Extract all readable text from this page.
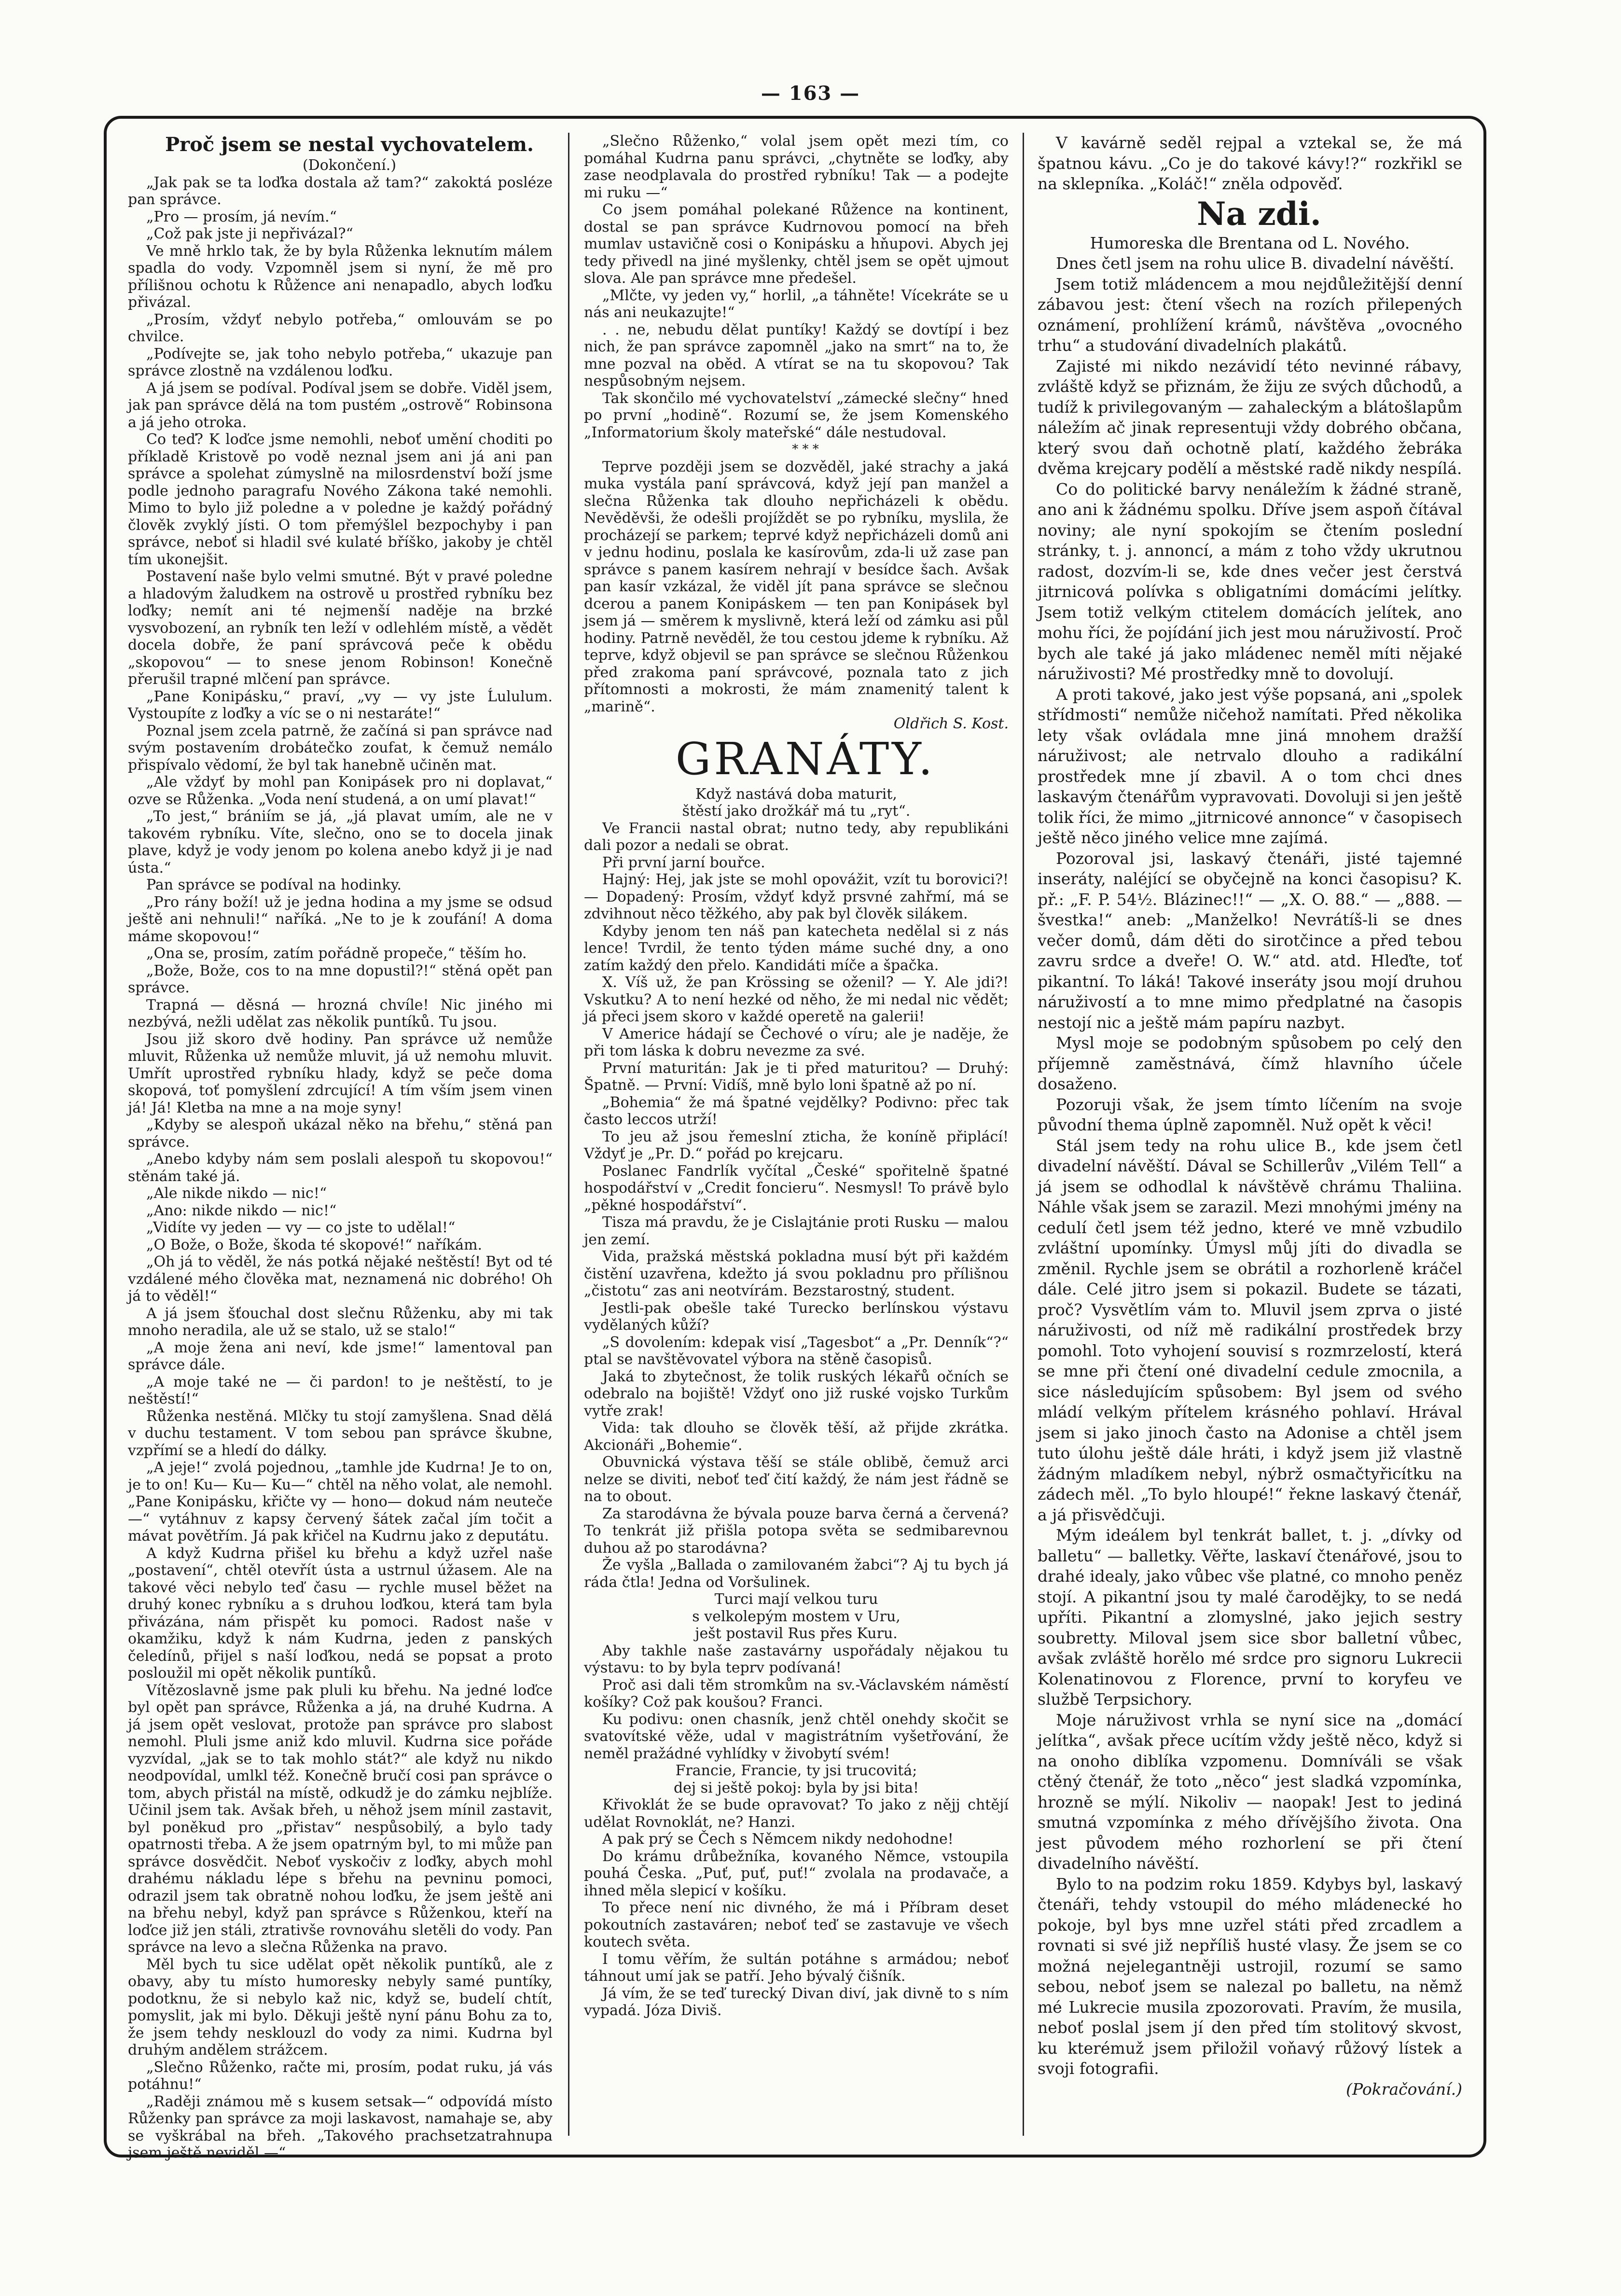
— 163 —

Proč jsem se nestal vychovatelem.

(Dokončení.)

„Jak pak se ta loďka dostala až tam?“ zakoktá posléze pan správce.

„Pro — prosím, já nevím.“

„Což pak jste ji nepřivázal?“

Ve mně hrklo tak, že by byla Růženka leknutím málem spadla do vody. Vzpomněl jsem si nyní, že mě pro přílišnou ochotu k Růžence ani nenapadlo, abych loďku přivázal.

„Prosím, vždyť nebylo potřeba,“ omlouvám se po chvilce.

„Podívejte se, jak toho nebylo potřeba,“ ukazuje pan správce zlostně na vzdálenou loďku.

A já jsem se podíval. Podíval jsem se dobře. Viděl jsem, jak pan správce dělá na tom pustém „ostrově“ Robinsona a já jeho otroka.

Co teď? K loďce jsme nemohli, neboť umění choditi po příkladě Kristově po vodě neznal jsem ani já ani pan správce a spolehat zúmyslně na milosrdenství boží jsme podle jednoho paragrafu Nového Zákona také nemohli. Mimo to bylo již poledne a v poledne je každý pořádný člověk zvyklý jísti. O tom přemýšlel bezpochyby i pan správce, neboť si hladil své kulaté bříško, jakoby je chtěl tím ukonejšit.

Postavení naše bylo velmi smutné. Být v pravé poledne a hladovým žaludkem na ostrově u prostřed rybníku bez loďky; nemít ani té nejmenší naděje na brzké vysvobození, an rybník ten leží v odlehlém místě, a vědět docela dobře, že paní správcová peče k obědu „skopovou“ — to snese jenom Robinson! Konečně přerušil trapné mlčení pan správce.

„Pane Konipásku,“ praví, „vy — vy jste Ĺululum. Vystoupíte z loďky a víc se o ni nestaráte!“

Poznal jsem zcela patrně, že začíná si pan správce nad svým postavením drobátečko zoufat, k čemuž nemálo přispívalo vědomí, že byl tak hanebně učiněn mat.

„Ale vždyť by mohl pan Konipásek pro ni doplavat,“ ozve se Růženka. „Voda není studená, a on umí plavat!“

„To jest,“ brániím se já, „já plavat umím, ale ne v takovém rybníku. Víte, slečno, ono se to docela jinak plave, když je vody jenom po kolena anebo když ji je nad ústa.“

Pan správce se podíval na hodinky.

„Pro rány boží! už je jedna hodina a my jsme se odsud ještě ani nehnuli!“ naříká. „Ne to je k zoufání! A doma máme skopovou!“

„Ona se, prosím, zatím pořádně propeče,“ těším ho.

„Bože, Bože, cos to na mne dopustil?!“ stěná opět pan správce.

Trapná — děsná — hrozná chvíle! Nic jiného mi nezbývá, nežli udělat zas několik puntíků. Tu jsou.

Jsou již skoro dvě hodiny. Pan správce už nemůže mluvit, Růženka už nemůže mluvit, já už nemohu mluvit. Umřít uprostřed rybníku hlady, když se peče doma skopová, toť pomyšlení zdrcující! A tím vším jsem vinen já! Já! Kletba na mne a na moje syny!

„Kdyby se alespoň ukázal něko na břehu,“ stěná pan správce.

„Anebo kdyby nám sem poslali alespoň tu skopovou!“ stěnám také já.

„Ale nikde nikdo — nic!“

„Ano: nikde nikdo — nic!“

„Vidíte vy jeden — vy — co jste to udělal!“

„O Bože, o Bože, škoda té skopové!“ naříkám.

„Oh já to věděl, že nás potká nějaké neštěstí! Byt od té vzdálené mého člověka mat, neznamená nic dobrého! Oh já to věděl!“

A já jsem šťouchal dost slečnu Růženku, aby mi tak mnoho neradila, ale už se stalo, už se stalo!“

„A moje žena ani neví, kde jsme!“ lamentoval pan správce dále.

„A moje také ne — či pardon! to je neštěstí, to je neštěstí!“

Růženka nestěná. Mlčky tu stojí zamyšlena. Snad dělá v duchu testament. V tom sebou pan správce škubne, vzpřímí se a hledí do dálky.

„A jeje!“ zvolá pojednou, „tamhle jde Kudrna! Je to on, je to on! Ku— Ku— Ku—“ chtěl na něho volat, ale nemohl. „Pane Konipásku, křičte vy — hono— dokud nám neuteče —“ vytáhnuv z kapsy červený šátek začal jím točit a mávat povětřím. Já pak křičel na Kudrnu jako z deputátu.

A když Kudrna přišel ku břehu a když uzřel naše „postavení“, chtěl otevřít ústa a ustrnul úžasem. Ale na takové věci nebylo teď času — rychle musel běžet na druhý konec rybníku a s druhou loďkou, která tam byla přivázána, nám přispět ku pomoci. Radost naše v okamžiku, když k nám Kudrna, jeden z panských čeledínů, přijel s naší loďkou, nedá se popsat a proto posloužil mi opět několik puntíků.

Vítězoslavně jsme pak pluli ku břehu. Na jedné loďce byl opět pan správce, Růženka a já, na druhé Kudrna. A já jsem opět veslovat, protože pan správce pro slabost nemohl. Pluli jsme aniž kdo mluvil. Kudrna sice pořáde vyzvídal, „jak se to tak mohlo stát?“ ale když nu nikdo neodpovídal, umlkl též. Konečně bručí cosi pan správce o tom, abych přistál na místě, odkudž je do zámku nejblíže. Učinil jsem tak. Avšak břeh, u něhož jsem mínil zastavit, byl poněkud pro „přistav“ nespůsobilý, a bylo tady opatrnosti třeba. A že jsem opatrným byl, to mi může pan správce dosvědčit. Neboť vyskočiv z loďky, abych mohl drahému nákladu lépe s břehu na pevninu pomoci, odrazil jsem tak obratně nohou loďku, že jsem ještě ani na břehu nebyl, když pan správce s Růženkou, kteří na loďce již jen stáli, ztrativše rovnováhu sletěli do vody. Pan správce na levo a slečna Růženka na pravo.

Měl bych tu sice udělat opět několik puntíků, ale z obavy, aby tu místo humoresky nebyly samé puntíky, podotknu, že si nebylo kaž nic, když se, budelí chtít, pomyslit, jak mi bylo. Děkuji ještě nyní pánu Bohu za to, že jsem tehdy nesklouzl do vody za nimi. Kudrna byl druhým andělem strážcem.

„Slečno Růženko, račte mi, prosím, podat ruku, já vás potáhnu!“

„Raději známou mě s kusem setsak—“ odpovídá místo Růženky pan správce za moji laskavost, namahaje se, aby se vyškrábal na břeh. „Takového prachsetzatrahnupa jsem ještě neviděl —“

„Slečno Růženko,“ volal jsem opět mezi tím, co pomáhal Kudrna panu správci, „chytněte se loďky, aby zase neodplavala do prostřed rybníku! Tak — a podejte mi ruku —“

Co jsem pomáhal polekané Růžence na kontinent, dostal se pan správce Kudrnovou pomocí na břeh mumlav ustavičně cosi o Konipásku a hňupovi. Abych jej tedy přivedl na jiné myšlenky, chtěl jsem se opět ujmout slova. Ale pan správce mne předešel.

„Mlčte, vy jeden vy,“ horlil, „a táhněte! Vícekráte se u nás ani neukazujte!“

. . ne, nebudu dělat puntíky! Každý se dovtípí i bez nich, že pan správce zapomněl „jako na smrt“ na to, že mne pozval na oběd. A vtírat se na tu skopovou? Tak nespůsobným nejsem.

Tak skončilo mé vychovatelství „zámecké slečny“ hned po první „hodině“. Rozumí se, že jsem Komenského „Informatorium školy mateřské“ dále nestudoval.

* * *

Teprve později jsem se dozvěděl, jaké strachy a jaká muka vystála paní správcová, když její pan manžel a slečna Růženka tak dlouho nepřicházeli k obědu. Nevěděvši, že odešli projíždět se po rybníku, myslila, že procházejí se parkem; teprvé když nepřicházeli domů ani v jednu hodinu, poslala ke kasírovům, zda-li už zase pan správce s panem kasírem nehrají v besídce šach. Avšak pan kasír vzkázal, že viděl jít pana správce se slečnou dcerou a panem Konipáskem — ten pan Konipásek byl jsem já — směrem k myslivně, která leží od zámku asi půl hodiny. Patrně nevěděl, že tou cestou jdeme k rybníku. Až teprve, když objevil se pan správce se slečnou Růženkou před zrakoma paní správcové, poznala tato z jich přítomnosti a mokrosti, že mám znamenitý talent k „marině“.

Oldřich S. Kost.

GRANÁTY.

Když nastává doba maturit,

štěstí jako drožkář má tu „ryt“.

Ve Francii nastal obrat; nutno tedy, aby republikáni dali pozor a nedali se obrat.

Při první jarní bouřce.

Hajný: Hej, jak jste se mohl opovážit, vzít tu borovici?! — Dopadený: Prosím, vždyť když prsvné zahřmí, má se zdvihnout něco těžkého, aby pak byl člověk silákem.

Kdyby jenom ten náš pan katecheta nedělal si z nás lence! Tvrdil, že tento týden máme suché dny, a ono zatím každý den přelo. Kandidáti míče a špačka.

X. Víš už, že pan Krössing se oženil? — Y. Ale jdi?! Vskutku? A to není hezké od něho, že mi nedal nic vědět; já přeci jsem skoro v každé operetě na galerii!

V Americe hádají se Čechové o víru; ale je naděje, že při tom láska k dobru nevezme za své.

První maturitán: Jak je ti před maturitou? — Druhý: Špatně. — První: Vidíš, mně bylo loni špatně až po ní.

„Bohemia“ že má špatné vejdělky? Podivno: přec tak často leccos utrží!

To jeu až jsou řemeslní zticha, že koníně připlácí! Vždyť je „Pr. D.“ pořád po krejcaru.

Poslanec Fandrlík vyčítal „České“ spořitelně špatné hospodářství v „Credit foncieru“. Nesmysl! To právě bylo „pěkné hospodářství“.

Tisza má pravdu, že je Cislajtánie proti Rusku — malou jen zemí.

Vida, pražská městská pokladna musí být při každém čistění uzavřena, kdežto já svou pokladnu pro přílišnou „čistotu“ zas ani neotvírám. Bezstarostný, student.

Jestli-pak obešle také Turecko berlínskou výstavu vydělaných kůží?

„S dovolením: kdepak visí „Tagesbot“ a „Pr. Denník“?“ ptal se navštěvovatel výbora na stěně časopisů.

Jaká to zbytečnost, že tolik ruských lékařů očních se odebralo na bojiště! Vždyť ono již ruské vojsko Turkům vytře zrak!

Vida: tak dlouho se člověk těší, až přijde zkrátka. Akcionáři „Bohemie“.

Obuvnická výstava těší se stále oblibě, čemuž arci nelze se diviti, neboť teď čití každý, že nám jest řádně se na to obout.

Za starodávna že bývala pouze barva černá a červená? To tenkrát již přišla potopa světa se sedmibarevnou duhou až po starodávna?

Že vyšla „Ballada o zamilovaném žabci“? Aj tu bych já ráda čtla! Jedna od Voršulinek.

Turci mají velkou turu
s velkolepým mostem v Uru,
ješt postavil Rus přes Kuru.

Aby takhle naše zastavárny uspořádaly nějakou tu výstavu: to by byla teprv podívaná!

Proč asi dali těm stromkům na sv.-Václavském náměstí košíky? Což pak koušou? Franci.

Ku podivu: onen chasník, jenž chtěl onehdy skočit se svatovítské věže, udal v magistrátním vyšetřování, že neměl pražádné vyhlídky v živobytí svém!

Francie, Francie, ty jsi trucovitá;
dej si ještě pokoj: byla by jsi bita!

Křivoklát že se bude opravovat? To jako z nějj chtějí udělat Rovnoklát, ne? Hanzi.

A pak prý se Čech s Němcem nikdy nedohodne!

Do krámu drůbežníka, kovaného Němce, vstoupila pouhá Česka. „Puť, puť, puť!“ zvolala na prodavače, a ihned měla slepicí v košíku.

To přece není nic divného, že má i Příbram deset pokoutních zastaváren; neboť teď se zastavuje ve všech koutech světa.

I tomu věřím, že sultán potáhne s armádou; neboť táhnout umí jak se patří. Jeho bývalý čišník.

Já vím, že se teď turecký Divan diví, jak divně to s ním vypadá. Józa Diviš.

V kavárně seděl rejpal a vztekal se, že má špatnou kávu. „Co je do takové kávy!?“ rozkřikl se na sklepníka. „Koláč!“ zněla odpověď.

Na zdi.

Humoreska dle Brentana od L. Nového.

Dnes četl jsem na rohu ulice B. divadelní návěští.

Jsem totiž mládencem a mou nejdůležitější denní zábavou jest: čtení všech na rozích přilepených oznámení, prohlížení krámů, návštěva „ovocného trhu“ a studování divadelních plakátů.

Zajisté mi nikdo nezávidí této nevinné rábavy, zvláště když se přiznám, že žiju ze svých důchodů, a tudíž k privilegovaným — zahaleckým a blátošlapům náležím ač jinak representuji vždy dobrého občana, který svou daň ochotně platí, každého žebráka dvěma krejcary podělí a městské radě nikdy nespílá.

Co do politické barvy nenáležím k žádné straně, ano ani k žádnému spolku. Dříve jsem aspoň čítával noviny; ale nyní spokojím se čtením poslední stránky, t. j. annoncí, a mám z toho vždy ukrutnou radost, dozvím-li se, kde dnes večer jest čerstvá jitrnicová polívka s obligatními domácími jelítky. Jsem totiž velkým ctitelem domácích jelítek, ano mohu říci, že pojídání jich jest mou náruživostí. Proč bych ale také já jako mládenec neměl míti nějaké náruživosti? Mé prostředky mně to dovolují.

A proti takové, jako jest výše popsaná, ani „spolek střídmosti“ nemůže ničehož namítati. Před několika lety však ovládala mne jiná mnohem dražší náruživost; ale netrvalo dlouho a radikální prostředek mne jí zbavil. A o tom chci dnes laskavým čtenářům vypravovati. Dovoluji si jen ještě tolik říci, že mimo „jitrnicové annonce“ v časopisech ještě něco jiného velice mne zajímá.

Pozoroval jsi, laskavý čtenáři, jisté tajemné inseráty, naléjící se obyčejně na konci časopisu? K. př.: „F. P. 54½. Blázinec!!“ — „X. O. 88.“ — „888. — švestka!“ aneb: „Manželko! Nevrátíš-li se dnes večer domů, dám děti do sirotčince a před tebou zavru srdce a dveře! O. W.“ atd. atd. Hleďte, toť pikantní. To láká! Takové inseráty jsou mojí druhou náruživostí a to mne mimo předplatné na časopis nestojí nic a ještě mám papíru nazbyt.

Mysl moje se podobným spůsobem po celý den příjemně zaměstnává, čímž hlavního účele dosaženo.

Pozoruji však, že jsem tímto líčením na svoje původní thema úplně zapomněl. Nuž opět k věci!

Stál jsem tedy na rohu ulice B., kde jsem četl divadelní návěští. Dával se Schillerův „Vilém Tell“ a já jsem se odhodlal k návštěvě chrámu Thaliina. Náhle však jsem se zarazil. Mezi mnohými jmény na cedulí četl jsem též jedno, které ve mně vzbudilo zvláštní upomínky. Úmysl můj jíti do divadla se změnil. Rychle jsem se obrátil a rozhorleně kráčel dále. Celé jitro jsem si pokazil. Budete se tázati, proč? Vysvětlím vám to. Mluvil jsem zprva o jisté náruživosti, od níž mě radikální prostředek brzy pomohl. Toto vyhojení souvisí s rozmrzelostí, která se mne při čtení oné divadelní cedule zmocnila, a sice následujícím spůsobem: Byl jsem od svého mládí velkým přítelem krásného pohlaví. Hrával jsem si jako jinoch často na Adonise a chtěl jsem tuto úlohu ještě dále hráti, i když jsem již vlastně žádným mladíkem nebyl, nýbrž osmačtyřicítku na zádech měl. „To bylo hloupé!“ řekne laskavý čtenář, a já přisvědčuji.

Mým ideálem byl tenkrát ballet, t. j. „dívky od balletu“ — balletky. Věřte, laskaví čtenářové, jsou to drahé idealy, jako vůbec vše platné, co mnoho peněz stojí. A pikantní jsou ty malé čarodějky, to se nedá upříti. Pikantní a zlomyslné, jako jejich sestry soubretty. Miloval jsem sice sbor balletní vůbec, avšak zvláště horělo mé srdce pro signoru Lukrecii Kolenatinovou z Florence, první to koryfeu ve službě Terpsichory.

Moje náruživost vrhla se nyní sice na „domácí jelítka“, avšak přece ucítím vždy ještě něco, když si na onoho diblíka vzpomenu. Domníváli se však ctěný čtenář, že toto „něco“ jest sladká vzpomínka, hrozně se mýlí. Nikoliv — naopak! Jest to jediná smutná vzpomínka z mého dřívějšího života. Ona jest původem mého rozhorlení se při čtení divadelního návěští.

Bylo to na podzim roku 1859. Kdybys byl, laskavý čtenáři, tehdy vstoupil do mého mládenecké ho pokoje, byl bys mne uzřel státi před zrcadlem a rovnati si své již nepříliš husté vlasy. Že jsem se co možná nejelegantněji ustrojil, rozumí se samo sebou, neboť jsem se nalezal po balletu, na němž mé Lukrecie musila zpozorovati. Pravím, že musila, neboť poslal jsem jí den před tím stolitový skvost, ku kterémuž jsem přiložil voňavý růžový lístek a svoji fotografii.

(Pokračování.)
